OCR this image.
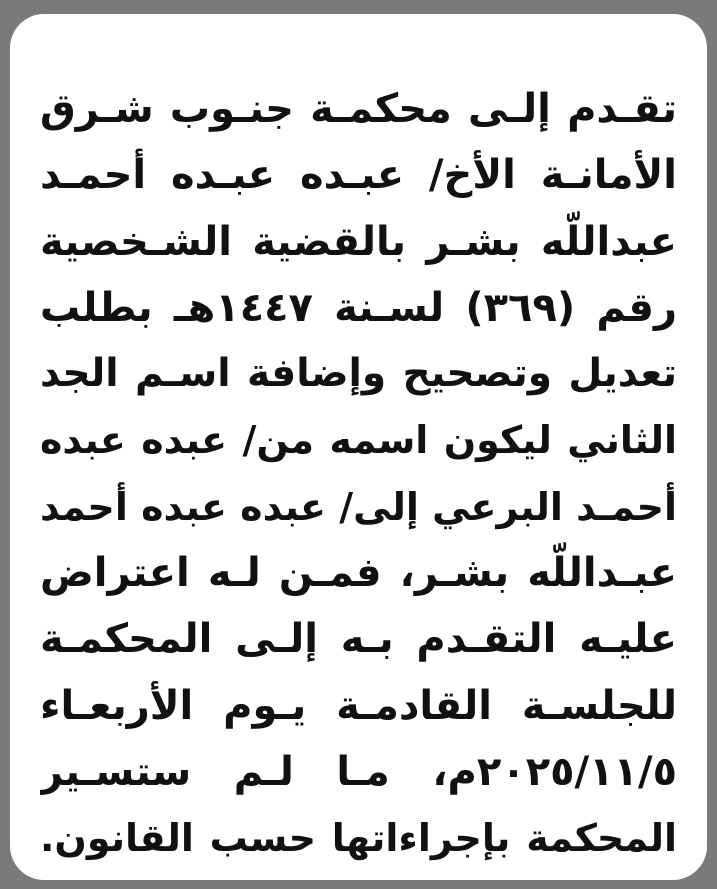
تقـدم إلـى محكمـة جنـوب شـرق
الأمانـة الأخ/ عبـده عبـده أحمـد
عبداللّه بشـر بالقضية الشـخصية
رقم (٣٦٩) لسـنة ١٤٤٧هـ بطلب
تعديل وتصحيح وإضافة اسـم الجد
الثاني ليكون اسمه من/ عبده عبده
أحمـد البرعي إلى/ عبده عبده أحمد
عبـداللّه بشـر، فمـن لـه اعتراض
عليـه التقـدم بـه إلـى المحكمـة
للجلسـة القادمـة يـوم الأربعـاء
٢٠٢٥/١١/٥م، مـا لـم ستسـير
المحكمة بإجراءاتها حسب القانون.
